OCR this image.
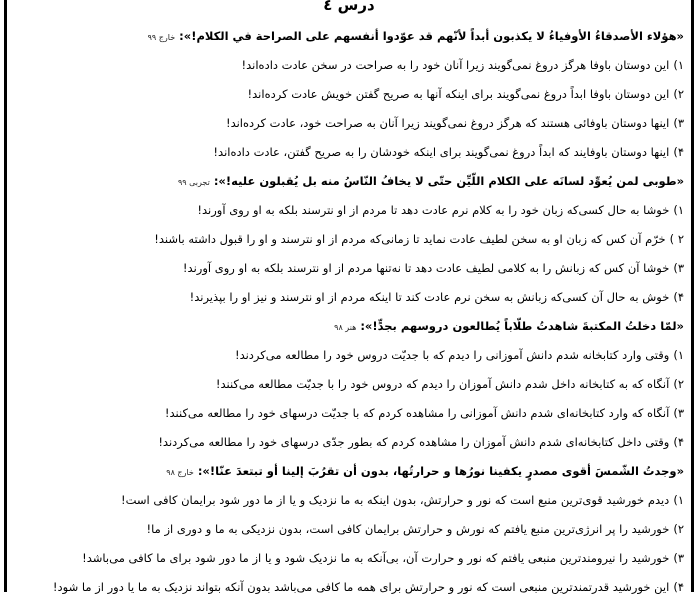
درس ٤
«هؤلاء الأصدقاءُ الأوفياءُ لا يكذبون أبداً لأنّهم قد عوّدوا أنفسهم على الصراحة في الكلام!»:خارج ۹۹
۱)این دوستان باوفا هرگز دروغ نمی‌گویند زیرا آنان خود را به صراحت در سخن عادت داده‌اند!
۲)این دوستان باوفا ابداً دروغ نمی‌گویند برای اینکه آنها به صریح گفتن خویش عادت کرده‌اند!
۳)اینها دوستان باوفائی هستند که هرگز دروغ نمی‌گویند زیرا آنان به صراحت خود، عادت کرده‌اند!
۴)اینها دوستان باوفایند که ابداً دروغ نمی‌گویند برای اینکه خودشان را به صریح گفتن، عادت داده‌اند!
«طوبى لمن يُعوِّد لسانَه على الكلام اللّيِّن حتّى لا يخافُ النّاسُ منه بل يُقبلون عليه!»:تجربی ۹۹
۱)خوشا به حال کسی‌که زبان خود را به کلام نرم عادت دهد تا مردم از او نترسند بلکه به او روی آورند!
۲ )خرّم آن کس که زبان او به سخن لطیف عادت نماید تا زمانی‌که مردم از او نترسند و او را قبول داشته باشند!
۳)خوشا آن کس که زبانش را به کلامی لطیف عادت دهد تا نه‌تنها مردم از او نترسند بلکه به او روی آورند!
۴)خوش به حال آن کسی‌که زبانش به سخن نرم عادت کند تا اینکه مردم از او نترسند و نیز او را بپذیرند!
«لمّا دخلتُ المكتبةَ شاهدتُ طلّاباً يُطالعون دروسهم بجدٍّ!»:هنر ۹۸
۱)وقتی وارد کتابخانه شدم دانش آموزانی را دیدم که با جدیّت دروس خود را مطالعه می‌کردند!
۲)آنگاه که به کتابخانه داخل شدم دانش آموزان را دیدم که دروس خود را با جدیّت مطالعه می‌کنند!
۳)آنگاه که وارد کتابخانه‌ای شدم دانش آموزانی را مشاهده کردم که با جدیّت درسهای خود را مطالعه می‌کنند!
۴)وقتی داخل کتابخانه‌ای شدم دانش آموزان را مشاهده کردم که بطور جدّی درسهای خود را مطالعه می‌کردند!
«وجدتُ الشّمسَ أقوى مصدرٍ يكفينا نورُها و حرارتُها، بدون أن تقرُبَ إلينا أو تبتعدَ عنّا!»:خارج ۹۸
۱)دیدم خورشید قوی‌ترین منبع است که نور و حرارتش، بدون اینکه به ما نزدیک و یا از ما دور شود برایمان کافی است!
۲)خورشید را پر انرژی‌ترین منبع یافتم که نورش و حرارتش برایمان کافی است، بدون نزدیکی به ما و دوری از ما!
۳)خورشید را نیرومندترین منبعی یافتم که نور و حرارت آن، بی‌آنکه به ما نزدیک شود و یا از ما دور شود برای ما کافی می‌باشد!
۴)این خورشید قدرتمندترین منبعی است که نور و حرارتش برای همه ما کافی می‌باشد بدون آنکه بتواند نزدیک به ما یا دور از ما شود!
